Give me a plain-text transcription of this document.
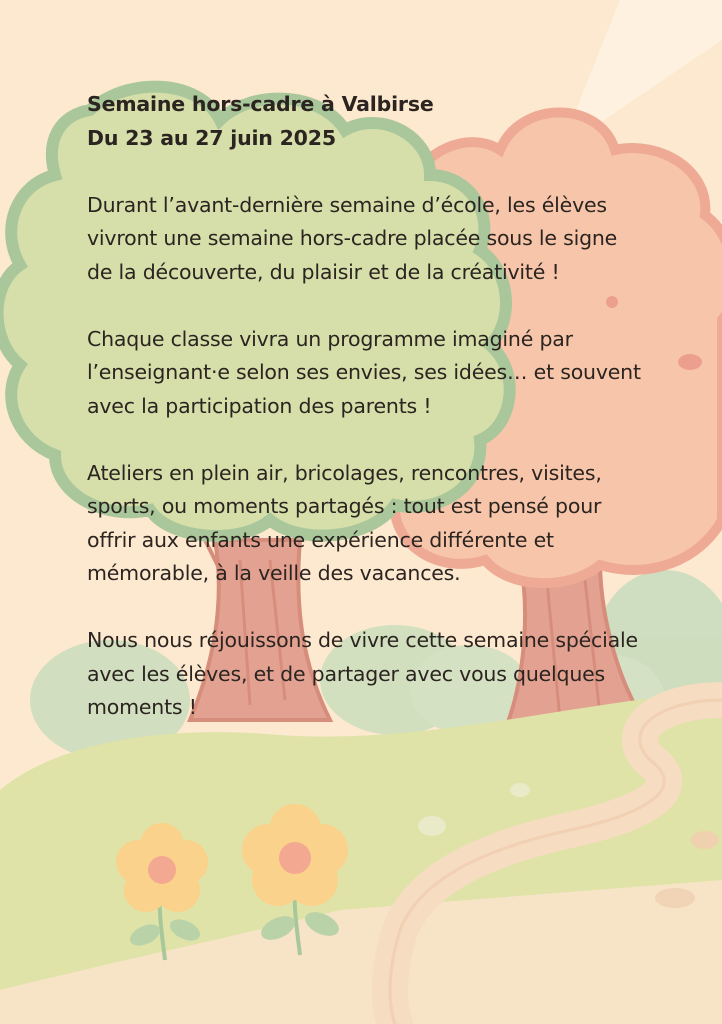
Semaine hors-cadre à Valbirse
Du 23 au 27 juin 2025

Durant l’avant-dernière semaine d’école, les élèves vivront une semaine hors-cadre placée sous le signe de la découverte, du plaisir et de la créativité !

Chaque classe vivra un programme imaginé par l’enseignant·e selon ses envies, ses idées… et souvent avec la participation des parents !

Ateliers en plein air, bricolages, rencontres, visites, sports, ou moments partagés : tout est pensé pour offrir aux enfants une expérience différente et mémorable, à la veille des vacances.

Nous nous réjouissons de vivre cette semaine spéciale avec les élèves, et de partager avec vous quelques moments !
